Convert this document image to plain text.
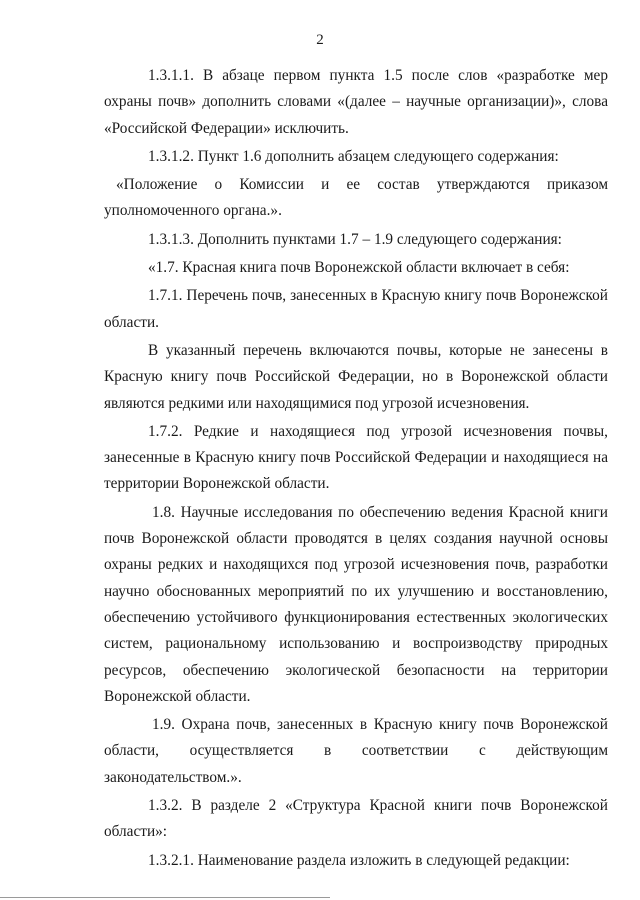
2

1.3.1.1. В абзаце первом пункта 1.5 после слов «разработке мер охраны почв» дополнить словами «(далее – научные организации)», слова «Российской Федерации» исключить.

1.3.1.2. Пункт 1.6 дополнить абзацем следующего содержания:

«Положение о Комиссии и ее состав утверждаются приказом уполномоченного органа.».

1.3.1.3. Дополнить пунктами 1.7 – 1.9 следующего содержания:

«1.7. Красная книга почв Воронежской области включает в себя:

1.7.1. Перечень почв, занесенных в Красную книгу почв Воронежской области.

В указанный перечень включаются почвы, которые не занесены в Красную книгу почв Российской Федерации, но в Воронежской области являются редкими или находящимися под угрозой исчезновения.

1.7.2. Редкие и находящиеся под угрозой исчезновения почвы, занесенные в Красную книгу почв Российской Федерации и находящиеся на территории Воронежской области.

1.8. Научные исследования по обеспечению ведения Красной книги почв Воронежской области проводятся в целях создания научной основы охраны редких и находящихся под угрозой исчезновения почв, разработки научно обоснованных мероприятий по их улучшению и восстановлению, обеспечению устойчивого функционирования естественных экологических систем, рациональному использованию и воспроизводству природных ресурсов, обеспечению экологической безопасности на территории Воронежской области.

1.9. Охрана почв, занесенных в Красную книгу почв Воронежской области, осуществляется в соответствии с действующим законодательством.».

1.3.2. В разделе 2 «Структура Красной книги почв Воронежской области»:

1.3.2.1. Наименование раздела изложить в следующей редакции:
